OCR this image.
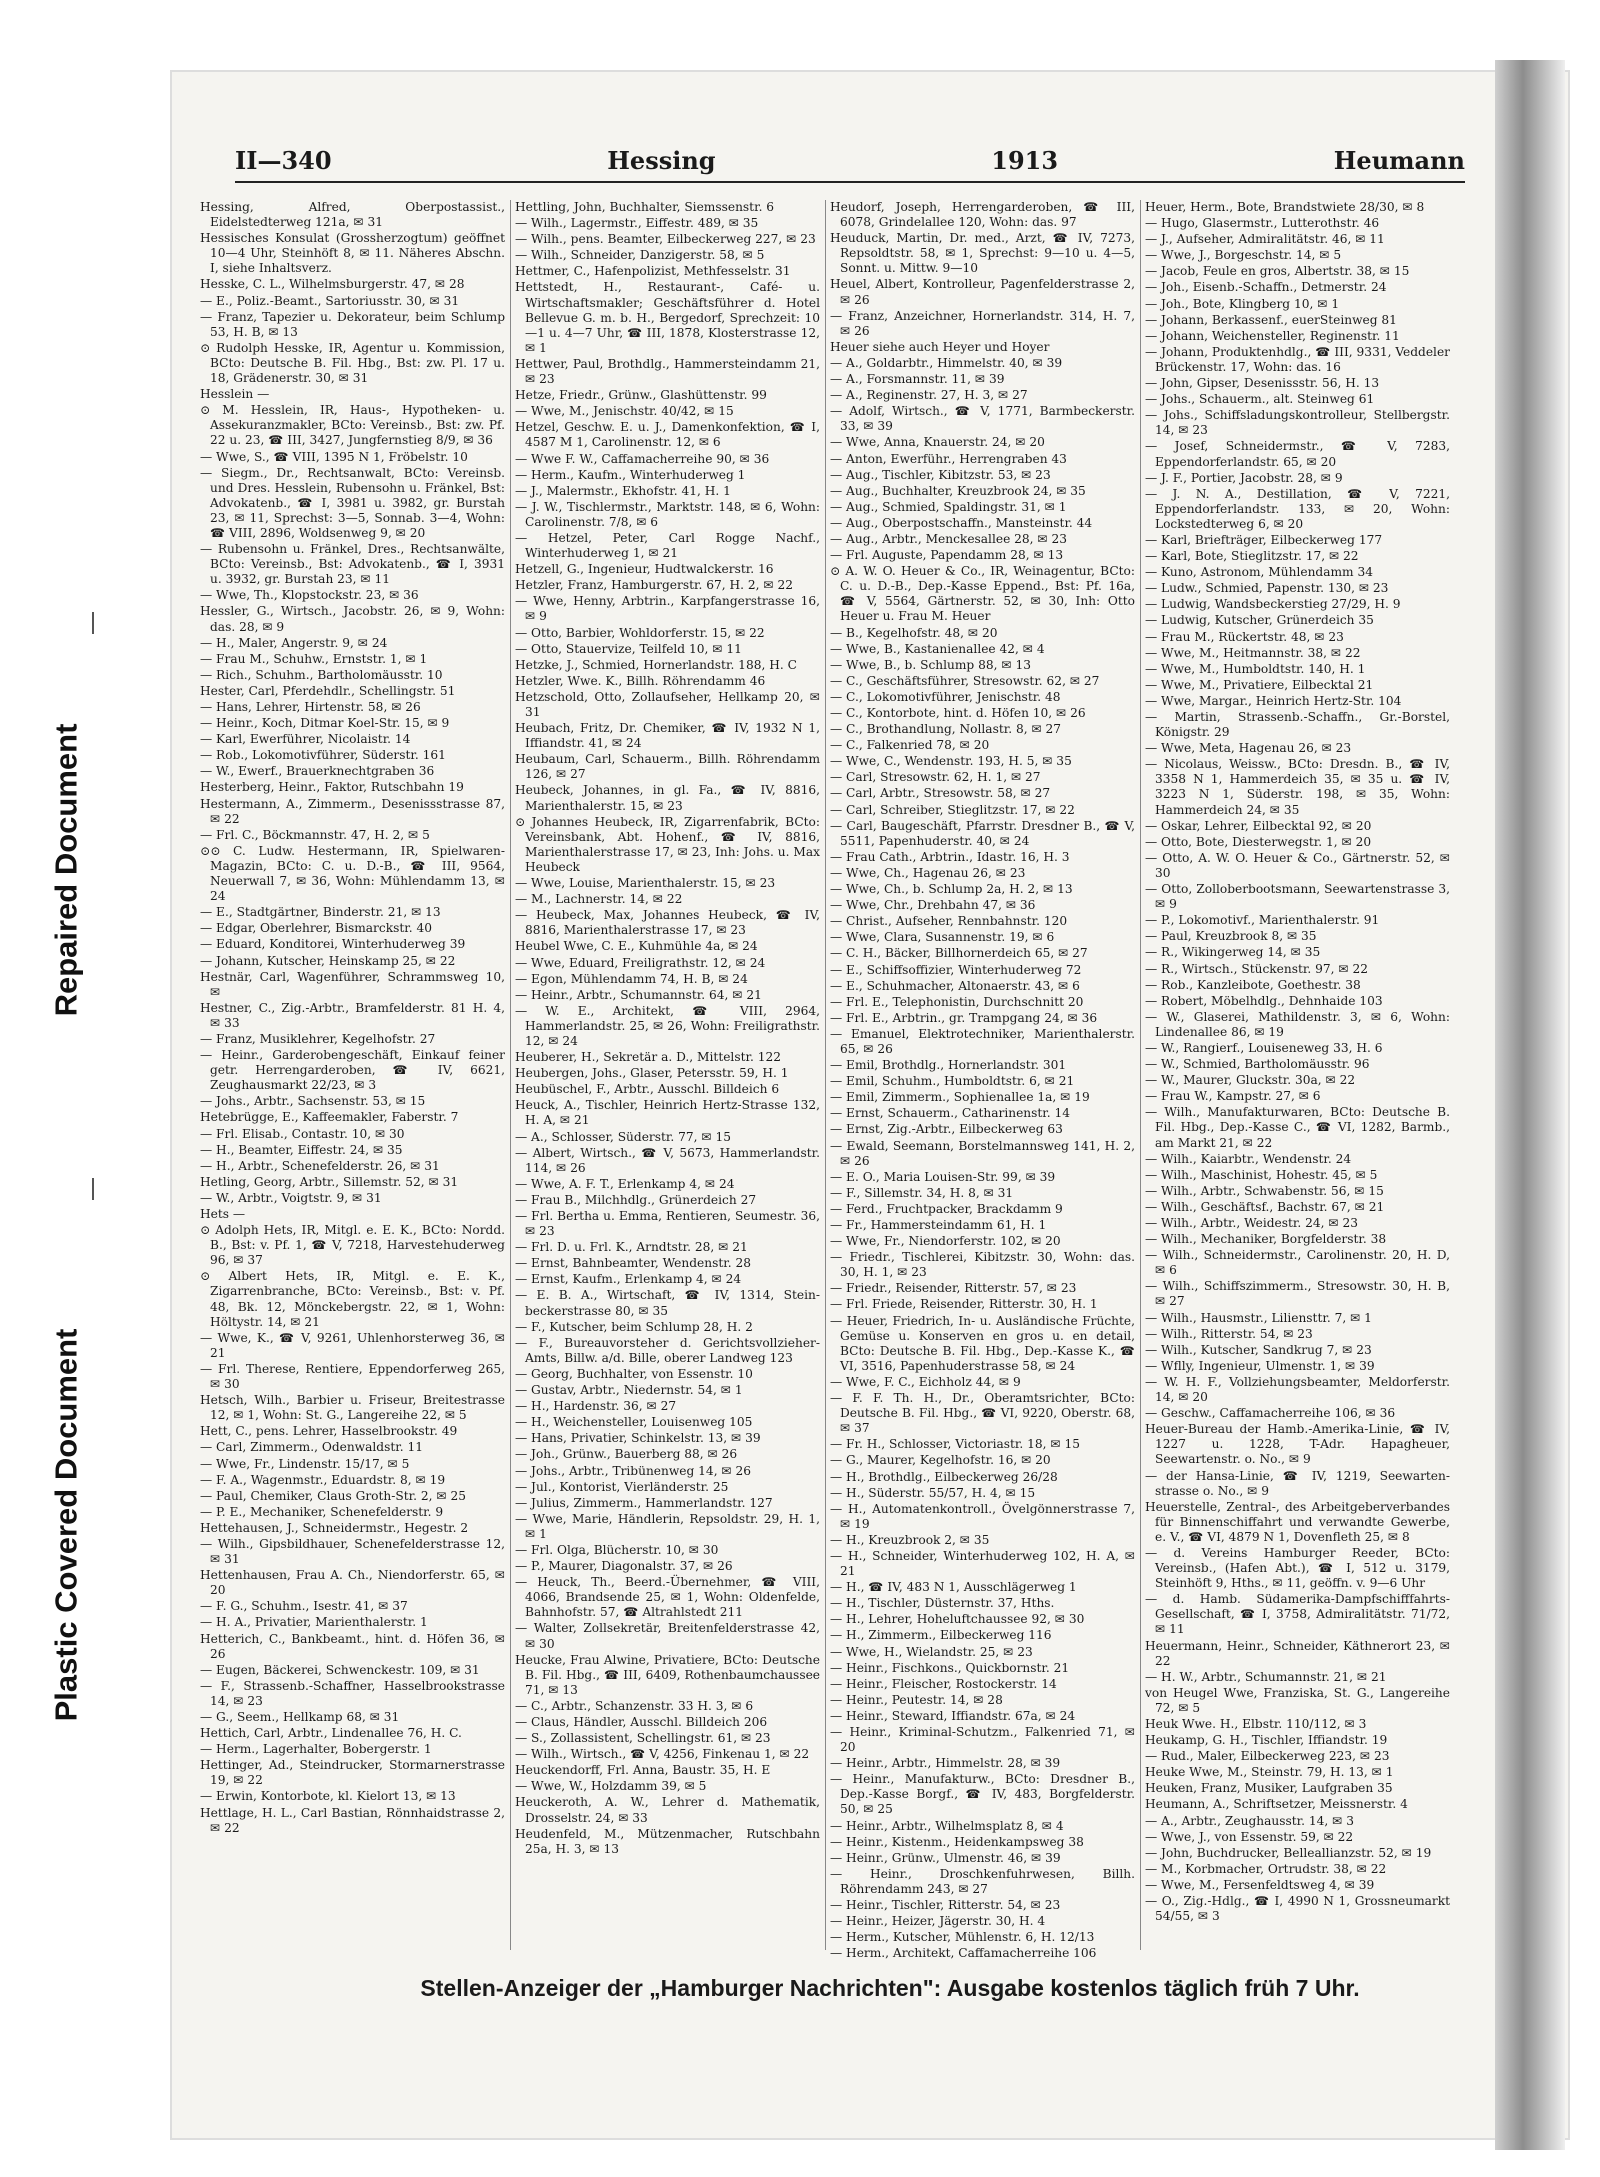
Plastic Covered Document
Repaired Document
II—340	Hessing	1913	Heumann

Hessing, Alfred, Oberpostassist., Eidelstedterweg 121a, ✉ 31

Hessisches Konsulat (Grossherzogtum) geöffnet 10—4 Uhr, Steinhöft 8, ✉ 11. Näheres Abschn. I, siehe Inhaltsverz.

Hesske, C. L., Wilhelmsburgerstr. 47, ✉ 28

— E., Poliz.-Beamt., Sartoriusstr. 30, ✉ 31

— Franz, Tapezier u. Dekorateur, beim Schlump 53, H. B, ✉ 13

⊙ Rudolph Hesske, IR, Agentur u. Kommission, BCto: Deutsche B. Fil. Hbg., Bst: zw. Pl. 17 u. 18, Grädenerstr. 30, ✉ 31

Hesslein —

⊙ M. Hesslein, IR, Haus-, Hypotheken- u. Assekuranzmakler, BCto: Vereinsb., Bst: zw. Pf. 22 u. 23, ☎ III, 3427, Jungfernstieg 8/9, ✉ 36

— Wwe, S., ☎ VIII, 1395 N 1, Fröbelstr. 10

— Siegm., Dr., Rechtsanwalt, BCto: Vereinsb. und Dres. Hesslein, Rubensohn u. Fränkel, Bst: Advokatenb., ☎ I, 3981 u. 3982, gr. Burstah 23, ✉ 11, Sprechst: 3—5, Sonnab. 3—4, Wohn: ☎ VIII, 2896, Woldsenweg 9, ✉ 20

— Rubensohn u. Fränkel, Dres., Rechtsanwälte, BCto: Vereinsb., Bst: Advokatenb., ☎ I, 3931 u. 3932, gr. Burstah 23, ✉ 11

— Wwe, Th., Klopstockstr. 23, ✉ 36

Hessler, G., Wirtsch., Jacobstr. 26, ✉ 9, Wohn: das. 28, ✉ 9

— H., Maler, Angerstr. 9, ✉ 24

— Frau M., Schuhw., Ernststr. 1, ✉ 1

— Rich., Schuhm., Bartholomäusstr. 10

Hester, Carl, Pferdehdlr., Schellingstr. 51

— Hans, Lehrer, Hirtenstr. 58, ✉ 26

— Heinr., Koch, Ditmar Koel-Str. 15, ✉ 9

— Karl, Ewerführer, Nicolaistr. 14

— Rob., Lokomotivführer, Süderstr. 161

— W., Ewerf., Brauerknechtgraben 36

Hesterberg, Heinr., Faktor, Rutschbahn 19

Hestermann, A., Zimmerm., Desenissstrasse 87, ✉ 22

— Frl. C., Böckmannstr. 47, H. 2, ✉ 5

⊙⊙ C. Ludw. Hestermann, IR, Spielwaren-Magazin, BCto: C. u. D.-B., ☎ III, 9564, Neuerwall 7, ✉ 36, Wohn: Mühlendamm 13, ✉ 24

— E., Stadtgärtner, Binderstr. 21, ✉ 13

— Edgar, Oberlehrer, Bismarckstr. 40

— Eduard, Konditorei, Winterhuderweg 39

— Johann, Kutscher, Heinskamp 25, ✉ 22

Hestnär, Carl, Wagenführer, Schrammsweg 10, ✉

Hestner, C., Zig.-Arbtr., Bramfelderstr. 81 H. 4, ✉ 33

— Franz, Musiklehrer, Kegelhofstr. 27

— Heinr., Garderobengeschäft, Einkauf feiner getr. Herrengarderoben, ☎ IV, 6621, Zeughausmarkt 22/23, ✉ 3

— Johs., Arbtr., Sachsenstr. 53, ✉ 15

Hetebrügge, E., Kaffeemakler, Faberstr. 7

— Frl. Elisab., Contastr. 10, ✉ 30

— H., Beamter, Eiffestr. 24, ✉ 35

— H., Arbtr., Schenefelderstr. 26, ✉ 31

Hetling, Georg, Arbtr., Sillemstr. 52, ✉ 31

— W., Arbtr., Voigtstr. 9, ✉ 31

Hets —

⊙ Adolph Hets, IR, Mitgl. e. E. K., BCto: Nordd. B., Bst: v. Pf. 1, ☎ V, 7218, Harvestehuderweg 96, ✉ 37

⊙ Albert Hets, IR, Mitgl. e. E. K., Zigarrenbranche, BCto: Vereinsb., Bst: v. Pf. 48, Bk. 12, Mönckebergstr. 22, ✉ 1, Wohn: Höltystr. 14, ✉ 21

— Wwe, K., ☎ V, 9261, Uhlenhorsterweg 36, ✉ 21

— Frl. Therese, Rentiere, Eppendorferweg 265, ✉ 30

Hetsch, Wilh., Barbier u. Friseur, Breitestrasse 12, ✉ 1, Wohn: St. G., Langereihe 22, ✉ 5

Hett, C., pens. Lehrer, Hasselbrookstr. 49

— Carl, Zimmerm., Odenwaldstr. 11

— Wwe, Fr., Lindenstr. 15/17, ✉ 5

— F. A., Wagenmstr., Eduardstr. 8, ✉ 19

— Paul, Chemiker, Claus Groth-Str. 2, ✉ 25

— P. E., Mechaniker, Schenefelderstr. 9

Hettehausen, J., Schneidermstr., Hegestr. 2

— Wilh., Gipsbildhauer, Schenefelderstrasse 12, ✉ 31

Hettenhausen, Frau A. Ch., Niendorferstr. 65, ✉ 20

— F. G., Schuhm., Isestr. 41, ✉ 37

— H. A., Privatier, Marienthalerstr. 1

Hetterich, C., Bankbeamt., hint. d. Höfen 36, ✉ 26

— Eugen, Bäckerei, Schwenckestr. 109, ✉ 31

— F., Strassenb.-Schaffner, Hasselbrookstrasse 14, ✉ 23

— G., Seem., Hellkamp 68, ✉ 31

Hettich, Carl, Arbtr., Lindenallee 76, H. C.

— Herm., Lagerhalter, Bobergerstr. 1

Hettinger, Ad., Steindrucker, Stormarnerstrasse 19, ✉ 22

— Erwin, Kontorbote, kl. Kielort 13, ✉ 13

Hettlage, H. L., Carl Bastian, Rönnhaidstrasse 2, ✉ 22

Hettling, John, Buchhalter, Siemssenstr. 6

— Wilh., Lagermstr., Eiffestr. 489, ✉ 35

— Wilh., pens. Beamter, Eilbeckerweg 227, ✉ 23

— Wilh., Schneider, Danzigerstr. 58, ✉ 5

Hettmer, C., Hafenpolizist, Methfesselstr. 31

Hettstedt, H., Restaurant-, Café- u. Wirtschaftsmakler; Geschäftsführer d. Hotel Bellevue G. m. b. H., Bergedorf, Sprechzeit: 10—1 u. 4—7 Uhr, ☎ III, 1878, Klosterstrasse 12, ✉ 1

Hettwer, Paul, Brothdlg., Hammersteindamm 21, ✉ 23

Hetze, Friedr., Grünw., Glashüttenstr. 99

— Wwe, M., Jenischstr. 40/42, ✉ 15

Hetzel, Geschw. E. u. J., Damenkonfektion, ☎ I, 4587 M 1, Carolinenstr. 12, ✉ 6

— Wwe F. W., Caffamacherreihe 90, ✉ 36

— Herm., Kaufm., Winterhuderweg 1

— J., Malermstr., Ekhofstr. 41, H. 1

— J. W., Tischlermstr., Marktstr. 148, ✉ 6, Wohn: Carolinenstr. 7/8, ✉ 6

— Hetzel, Peter, Carl Rogge Nachf., Winterhuderweg 1, ✉ 21

Hetzell, G., Ingenieur, Hudtwalckerstr. 16

Hetzler, Franz, Hamburgerstr. 67, H. 2, ✉ 22

— Wwe, Henny, Arbtrin., Karpfangerstrasse 16, ✉ 9

— Otto, Barbier, Wohldorferstr. 15, ✉ 22

— Otto, Stauervize, Teilfeld 10, ✉ 11

Hetzke, J., Schmied, Hornerlandstr. 188, H. C

Hetzler, Wwe. K., Billh. Röhrendamm 46

Hetzschold, Otto, Zollaufseher, Hellkamp 20, ✉ 31

Heubach, Fritz, Dr. Chemiker, ☎ IV, 1932 N 1, Iffiandstr. 41, ✉ 24

Heubaum, Carl, Schauerm., Billh. Röhrendamm 126, ✉ 27

Heubeck, Johannes, in gl. Fa., ☎ IV, 8816, Marienthalerstr. 15, ✉ 23

⊙ Johannes Heubeck, IR, Zigarrenfabrik, BCto: Vereinsbank, Abt. Hohenf., ☎ IV, 8816, Marienthalerstrasse 17, ✉ 23, Inh: Johs. u. Max Heubeck

— Wwe, Louise, Marienthalerstr. 15, ✉ 23

— M., Lachnerstr. 14, ✉ 22

— Heubeck, Max, Johannes Heubeck, ☎ IV, 8816, Marienthalerstrasse 17, ✉ 23

Heubel Wwe, C. E., Kuhmühle 4a, ✉ 24

— Wwe, Eduard, Freiligrathstr. 12, ✉ 24

— Egon, Mühlendamm 74, H. B, ✉ 24

— Heinr., Arbtr., Schumannstr. 64, ✉ 21

— W. E., Architekt, ☎ VIII, 2964, Hammerlandstr. 25, ✉ 26, Wohn: Freiligrathstr. 12, ✉ 24

Heuberer, H., Sekretär a. D., Mittelstr. 122

Heubergen, Johs., Glaser, Petersstr. 59, H. 1

Heubüschel, F., Arbtr., Ausschl. Billdeich 6

Heuck, A., Tischler, Heinrich Hertz-Strasse 132, H. A, ✉ 21

— A., Schlosser, Süderstr. 77, ✉ 15

— Albert, Wirtsch., ☎ V, 5673, Hammerlandstr. 114, ✉ 26

— Wwe, A. F. T., Erlenkamp 4, ✉ 24

— Frau B., Milchhdlg., Grünerdeich 27

— Frl. Bertha u. Emma, Rentieren, Seumestr. 36, ✉ 23

— Frl. D. u. Frl. K., Arndtstr. 28, ✉ 21

— Ernst, Bahnbeamter, Wendenstr. 28

— Ernst, Kaufm., Erlenkamp 4, ✉ 24

— E. B. A., Wirtschaft, ☎ IV, 1314, Steinbeckerstrasse 80, ✉ 35

— F., Kutscher, beim Schlump 28, H. 2

— F., Bureauvorsteher d. Gerichtsvollzieher-Amts, Billw. a/d. Bille, oberer Landweg 123

— Georg, Buchhalter, von Essenstr. 10

— Gustav, Arbtr., Niedernstr. 54, ✉ 1

— H., Hardenstr. 36, ✉ 27

— H., Weichensteller, Louisenweg 105

— Hans, Privatier, Schinkelstr. 13, ✉ 39

— Joh., Grünw., Bauerberg 88, ✉ 26

— Johs., Arbtr., Tribünenweg 14, ✉ 26

— Jul., Kontorist, Vierländerstr. 25

— Julius, Zimmerm., Hammerlandstr. 127

— Wwe, Marie, Händlerin, Repsoldstr. 29, H. 1, ✉ 1

— Frl. Olga, Blücherstr. 10, ✉ 30

— P., Maurer, Diagonalstr. 37, ✉ 26

— Heuck, Th., Beerd.-Übernehmer, ☎ VIII, 4066, Brandsende 25, ✉ 1, Wohn: Oldenfelde, Bahnhofstr. 57, ☎ Altrahlstedt 211

— Walter, Zollsekretär, Breitenfelderstrasse 42, ✉ 30

Heucke, Frau Alwine, Privatiere, BCto: Deutsche B. Fil. Hbg., ☎ III, 6409, Rothenbaumchaussee 71, ✉ 13

— C., Arbtr., Schanzenstr. 33 H. 3, ✉ 6

— Claus, Händler, Ausschl. Billdeich 206

— S., Zollassistent, Schellingstr. 61, ✉ 23

— Wilh., Wirtsch., ☎ V, 4256, Finkenau 1, ✉ 22

Heuckendorff, Frl. Anna, Baustr. 35, H. E

— Wwe, W., Holzdamm 39, ✉ 5

Heuckeroth, A. W., Lehrer d. Mathematik, Drosselstr. 24, ✉ 33

Heudenfeld, M., Mützenmacher, Rutschbahn 25a, H. 3, ✉ 13

Heudorf, Joseph, Herrengarderoben, ☎ III, 6078, Grindelallee 120, Wohn: das. 97

Heuduck, Martin, Dr. med., Arzt, ☎ IV, 7273, Repsoldtstr. 58, ✉ 1, Sprechst: 9—10 u. 4—5, Sonnt. u. Mittw. 9—10

Heuel, Albert, Kontrolleur, Pagenfelderstrasse 2, ✉ 26

— Franz, Anzeichner, Hornerlandstr. 314, H. 7, ✉ 26

Heuer siehe auch Heyer und Hoyer

— A., Goldarbtr., Himmelstr. 40, ✉ 39

— A., Forsmannstr. 11, ✉ 39

— A., Reginenstr. 27, H. 3, ✉ 27

— Adolf, Wirtsch., ☎ V, 1771, Barmbeckerstr. 33, ✉ 39

— Wwe, Anna, Knauerstr. 24, ✉ 20

— Anton, Ewerführ., Herrengraben 43

— Aug., Tischler, Kibitzstr. 53, ✉ 23

— Aug., Buchhalter, Kreuzbrook 24, ✉ 35

— Aug., Schmied, Spaldingstr. 31, ✉ 1

— Aug., Oberpostschaffn., Mansteinstr. 44

— Aug., Arbtr., Menckesallee 28, ✉ 23

— Frl. Auguste, Papendamm 28, ✉ 13

⊙ A. W. O. Heuer & Co., IR, Weinagentur, BCto: C. u. D.-B., Dep.-Kasse Eppend., Bst: Pf. 16a, ☎ V, 5564, Gärtnerstr. 52, ✉ 30, Inh: Otto Heuer u. Frau M. Heuer

— B., Kegelhofstr. 48, ✉ 20

— Wwe, B., Kastanienallee 42, ✉ 4

— Wwe, B., b. Schlump 88, ✉ 13

— C., Geschäftsführer, Stresowstr. 62, ✉ 27

— C., Lokomotivführer, Jenischstr. 48

— C., Kontorbote, hint. d. Höfen 10, ✉ 26

— C., Brothandlung, Nollastr. 8, ✉ 27

— C., Falkenried 78, ✉ 20

— Wwe, C., Wendenstr. 193, H. 5, ✉ 35

— Carl, Stresowstr. 62, H. 1, ✉ 27

— Carl, Arbtr., Stresowstr. 58, ✉ 27

— Carl, Schreiber, Stieglitzstr. 17, ✉ 22

— Carl, Baugeschäft, Pfarrstr. Dresdner B., ☎ V, 5511, Papenhuderstr. 40, ✉ 24

— Frau Cath., Arbtrin., Idastr. 16, H. 3

— Wwe, Ch., Hagenau 26, ✉ 23

— Wwe, Ch., b. Schlump 2a, H. 2, ✉ 13

— Wwe, Chr., Drehbahn 47, ✉ 36

— Christ., Aufseher, Rennbahnstr. 120

— Wwe, Clara, Susannenstr. 19, ✉ 6

— C. H., Bäcker, Billhornerdeich 65, ✉ 27

— E., Schiffsoffizier, Winterhuderweg 72

— E., Schuhmacher, Altonaerstr. 43, ✉ 6

— Frl. E., Telephonistin, Durchschnitt 20

— Frl. E., Arbtrin., gr. Trampgang 24, ✉ 36

— Emanuel, Elektrotechniker, Marienthalerstr. 65, ✉ 26

— Emil, Brothdlg., Hornerlandstr. 301

— Emil, Schuhm., Humboldtstr. 6, ✉ 21

— Emil, Zimmerm., Sophienallee 1a, ✉ 19

— Ernst, Schauerm., Catharinenstr. 14

— Ernst, Zig.-Arbtr., Eilbeckerweg 63

— Ewald, Seemann, Borstelmannsweg 141, H. 2, ✉ 26

— E. O., Maria Louisen-Str. 99, ✉ 39

— F., Sillemstr. 34, H. 8, ✉ 31

— Ferd., Fruchtpacker, Brackdamm 9

— Fr., Hammersteindamm 61, H. 1

— Wwe, Fr., Niendorferstr. 102, ✉ 20

— Friedr., Tischlerei, Kibitzstr. 30, Wohn: das. 30, H. 1, ✉ 23

— Friedr., Reisender, Ritterstr. 57, ✉ 23

— Frl. Friede, Reisender, Ritterstr. 30, H. 1

— Heuer, Friedrich, In- u. Ausländische Früchte, Gemüse u. Konserven en gros u. en detail, BCto: Deutsche B. Fil. Hbg., Dep.-Kasse K., ☎ VI, 3516, Papenhuderstrasse 58, ✉ 24

— Wwe, F. C., Eichholz 44, ✉ 9

— F. F. Th. H., Dr., Oberamtsrichter, BCto: Deutsche B. Fil. Hbg., ☎ VI, 9220, Oberstr. 68, ✉ 37

— Fr. H., Schlosser, Victoriastr. 18, ✉ 15

— G., Maurer, Kegelhofstr. 16, ✉ 20

— H., Brothdlg., Eilbeckerweg 26/28

— H., Süderstr. 55/57, H. 4, ✉ 15

— H., Automatenkontroll., Övelgönnerstrasse 7, ✉ 19

— H., Kreuzbrook 2, ✉ 35

— H., Schneider, Winterhuderweg 102, H. A, ✉ 21

— H., ☎ IV, 483 N 1, Ausschlägerweg 1

— H., Tischler, Düsternstr. 37, Hths.

— H., Lehrer, Hoheluftchaussee 92, ✉ 30

— H., Zimmerm., Eilbeckerweg 116

— Wwe, H., Wielandstr. 25, ✉ 23

— Heinr., Fischkons., Quickbornstr. 21

— Heinr., Fleischer, Rostockerstr. 14

— Heinr., Peutestr. 14, ✉ 28

— Heinr., Steward, Iffiandstr. 67a, ✉ 24

— Heinr., Kriminal-Schutzm., Falkenried 71, ✉ 20

— Heinr., Arbtr., Himmelstr. 28, ✉ 39

— Heinr., Manufakturw., BCto: Dresdner B., Dep.-Kasse Borgf., ☎ IV, 483, Borgfelderstr. 50, ✉ 25

— Heinr., Arbtr., Wilhelmsplatz 8, ✉ 4

— Heinr., Kistenm., Heidenkampsweg 38

— Heinr., Grünw., Ulmenstr. 46, ✉ 39

— Heinr., Droschkenfuhrwesen, Billh. Röhrendamm 243, ✉ 27

— Heinr., Tischler, Ritterstr. 54, ✉ 23

— Heinr., Heizer, Jägerstr. 30, H. 4

— Herm., Kutscher, Mühlenstr. 6, H. 12/13

— Herm., Architekt, Caffamacherreihe 106

Heuer, Herm., Bote, Brandstwiete 28/30, ✉ 8

— Hugo, Glasermstr., Lutterothstr. 46

— J., Aufseher, Admiralitätstr. 46, ✉ 11

— Wwe, J., Borgeschstr. 14, ✉ 5

— Jacob, Feule en gros, Albertstr. 38, ✉ 15

— Joh., Eisenb.-Schaffn., Detmerstr. 24

— Joh., Bote, Klingberg 10, ✉ 1

— Johann, Berkassenf., euerSteinweg 81

— Johann, Weichensteller, Reginenstr. 11

— Johann, Produktenhdlg., ☎ III, 9331, Veddeler Brückenstr. 17, Wohn: das. 16

— John, Gipser, Desenissstr. 56, H. 13

— Johs., Schauerm., alt. Steinweg 61

— Johs., Schiffsladungskontrolleur, Stellbergstr. 14, ✉ 23

— Josef, Schneidermstr., ☎ V, 7283, Eppendorferlandstr. 65, ✉ 20

— J. F., Portier, Jacobstr. 28, ✉ 9

— J. N. A., Destillation, ☎ V, 7221, Eppendorferlandstr. 133, ✉ 20, Wohn: Lockstedterweg 6, ✉ 20

— Karl, Briefträger, Eilbeckerweg 177

— Karl, Bote, Stieglitzstr. 17, ✉ 22

— Kuno, Astronom, Mühlendamm 34

— Ludw., Schmied, Papenstr. 130, ✉ 23

— Ludwig, Wandsbeckerstieg 27/29, H. 9

— Ludwig, Kutscher, Grünerdeich 35

— Frau M., Rückertstr. 48, ✉ 23

— Wwe, M., Heitmannstr. 38, ✉ 22

— Wwe, M., Humboldtstr. 140, H. 1

— Wwe, M., Privatiere, Eilbecktal 21

— Wwe, Margar., Heinrich Hertz-Str. 104

— Martin, Strassenb.-Schaffn., Gr.-Borstel, Königstr. 29

— Wwe, Meta, Hagenau 26, ✉ 23

— Nicolaus, Weissw., BCto: Dresdn. B., ☎ IV, 3358 N 1, Hammerdeich 35, ✉ 35 u. ☎ IV, 3223 N 1, Süderstr. 198, ✉ 35, Wohn: Hammerdeich 24, ✉ 35

— Oskar, Lehrer, Eilbecktal 92, ✉ 20

— Otto, Bote, Diesterwegstr. 1, ✉ 20

— Otto, A. W. O. Heuer & Co., Gärtnerstr. 52, ✉ 30

— Otto, Zolloberbootsmann, Seewartenstrasse 3, ✉ 9

— P., Lokomotivf., Marienthalerstr. 91

— Paul, Kreuzbrook 8, ✉ 35

— R., Wikingerweg 14, ✉ 35

— R., Wirtsch., Stückenstr. 97, ✉ 22

— Rob., Kanzleibote, Goethestr. 38

— Robert, Möbelhdlg., Dehnhaide 103

— W., Glaserei, Mathildenstr. 3, ✉ 6, Wohn: Lindenallee 86, ✉ 19

— W., Rangierf., Louiseneweg 33, H. 6

— W., Schmied, Bartholomäusstr. 96

— W., Maurer, Gluckstr. 30a, ✉ 22

— Frau W., Kampstr. 27, ✉ 6

— Wilh., Manufakturwaren, BCto: Deutsche B. Fil. Hbg., Dep.-Kasse C., ☎ VI, 1282, Barmb., am Markt 21, ✉ 22

— Wilh., Kaiarbtr., Wendenstr. 24

— Wilh., Maschinist, Hohestr. 45, ✉ 5

— Wilh., Arbtr., Schwabenstr. 56, ✉ 15

— Wilh., Geschäftsf., Bachstr. 67, ✉ 21

— Wilh., Arbtr., Weidestr. 24, ✉ 23

— Wilh., Mechaniker, Borgfelderstr. 38

— Wilh., Schneidermstr., Carolinenstr. 20, H. D, ✉ 6

— Wilh., Schiffszimmerm., Stresowstr. 30, H. B, ✉ 27

— Wilh., Hausmstr., Liliensttr. 7, ✉ 1

— Wilh., Ritterstr. 54, ✉ 23

— Wilh., Kutscher, Sandkrug 7, ✉ 23

— Wflly, Ingenieur, Ulmenstr. 1, ✉ 39

— W. H. F., Vollziehungsbeamter, Meldorferstr. 14, ✉ 20

— Geschw., Caffamacherreihe 106, ✉ 36

Heuer-Bureau der Hamb.-Amerika-Linie, ☎ IV, 1227 u. 1228, T-Adr. Hapagheuer, Seewartenstr. o. No., ✉ 9

— der Hansa-Linie, ☎ IV, 1219, Seewartenstrasse o. No., ✉ 9

Heuerstelle, Zentral-, des Arbeitgeberverbandes für Binnenschiffahrt und verwandte Gewerbe, e. V., ☎ VI, 4879 N 1, Dovenfleth 25, ✉ 8

— d. Vereins Hamburger Reeder, BCto: Vereinsb., (Hafen Abt.), ☎ I, 512 u. 3179, Steinhöft 9, Hths., ✉ 11, geöffn. v. 9—6 Uhr

— d. Hamb. Südamerika-Dampfschifffahrts-Gesellschaft, ☎ I, 3758, Admiralitätstr. 71/72, ✉ 11

Heuermann, Heinr., Schneider, Käthnerort 23, ✉ 22

— H. W., Arbtr., Schumannstr. 21, ✉ 21

von Heugel Wwe, Franziska, St. G., Langereihe 72, ✉ 5

Heuk Wwe. H., Elbstr. 110/112, ✉ 3

Heukamp, G. H., Tischler, Iffiandstr. 19

— Rud., Maler, Eilbeckerweg 223, ✉ 23

Heuke Wwe, M., Steinstr. 79, H. 13, ✉ 1

Heuken, Franz, Musiker, Laufgraben 35

Heumann, A., Schriftsetzer, Meissnerstr. 4

— A., Arbtr., Zeughausstr. 14, ✉ 3

— Wwe, J., von Essenstr. 59, ✉ 22

— John, Buchdrucker, Belleallianzstr. 52, ✉ 19

— M., Korbmacher, Ortrudstr. 38, ✉ 22

— Wwe, M., Fersenfeldtsweg 4, ✉ 39

— O., Zig.-Hdlg., ☎ I, 4990 N 1, Grossneumarkt 54/55, ✉ 3

Stellen-Anzeiger der „Hamburger Nachrichten": Ausgabe kostenlos täglich früh 7 Uhr.
